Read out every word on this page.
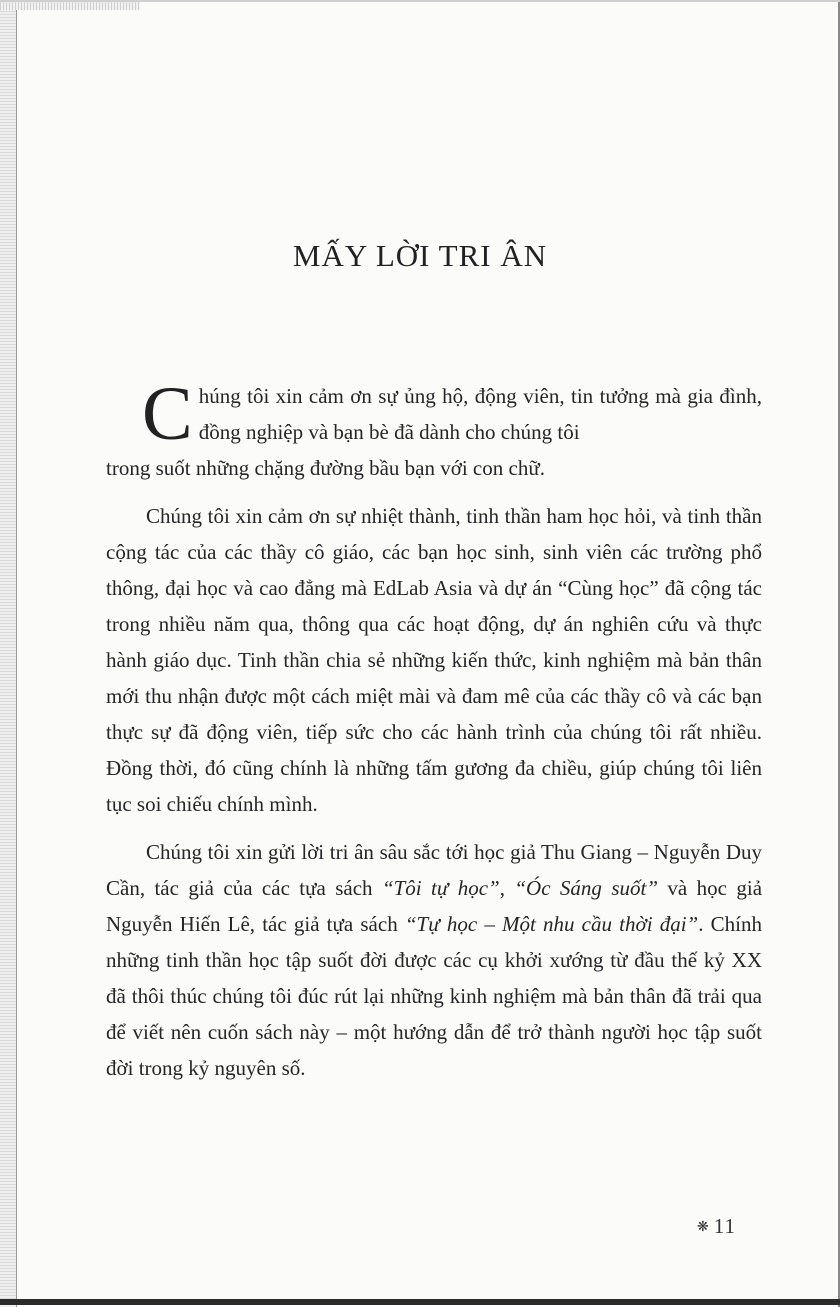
MẤY LỜI TRI ÂN

C húng tôi xin cảm ơn sự ủng hộ, động viên, tin tưởng mà gia đình, đồng nghiệp và bạn bè đã dành cho chúng tôi
trong suốt những chặng đường bầu bạn với con chữ.

Chúng tôi xin cảm ơn sự nhiệt thành, tinh thần ham học hỏi, và tinh thần cộng tác của các thầy cô giáo, các bạn học sinh, sinh viên các trường phổ thông, đại học và cao đẳng mà EdLab Asia và dự án “Cùng học” đã cộng tác trong nhiều năm qua, thông qua các hoạt động, dự án nghiên cứu và thực hành giáo dục. Tinh thần chia sẻ những kiến thức, kinh nghiệm mà bản thân mới thu nhận được một cách miệt mài và đam mê của các thầy cô và các bạn thực sự đã động viên, tiếp sức cho các hành trình của chúng tôi rất nhiều. Đồng thời, đó cũng chính là những tấm gương đa chiều, giúp chúng tôi liên tục soi chiếu chính mình.

Chúng tôi xin gửi lời tri ân sâu sắc tới học giả Thu Giang – Nguyễn Duy Cần, tác giả của các tựa sách “Tôi tự học”, “Óc Sáng suốt” và học giả Nguyễn Hiến Lê, tác giả tựa sách “Tự học – Một nhu cầu thời đại”. Chính những tinh thần học tập suốt đời được các cụ khởi xướng từ đầu thế kỷ XX đã thôi thúc chúng tôi đúc rút lại những kinh nghiệm mà bản thân đã trải qua để viết nên cuốn sách này – một hướng dẫn để trở thành người học tập suốt đời trong kỷ nguyên số.

❋ 11
